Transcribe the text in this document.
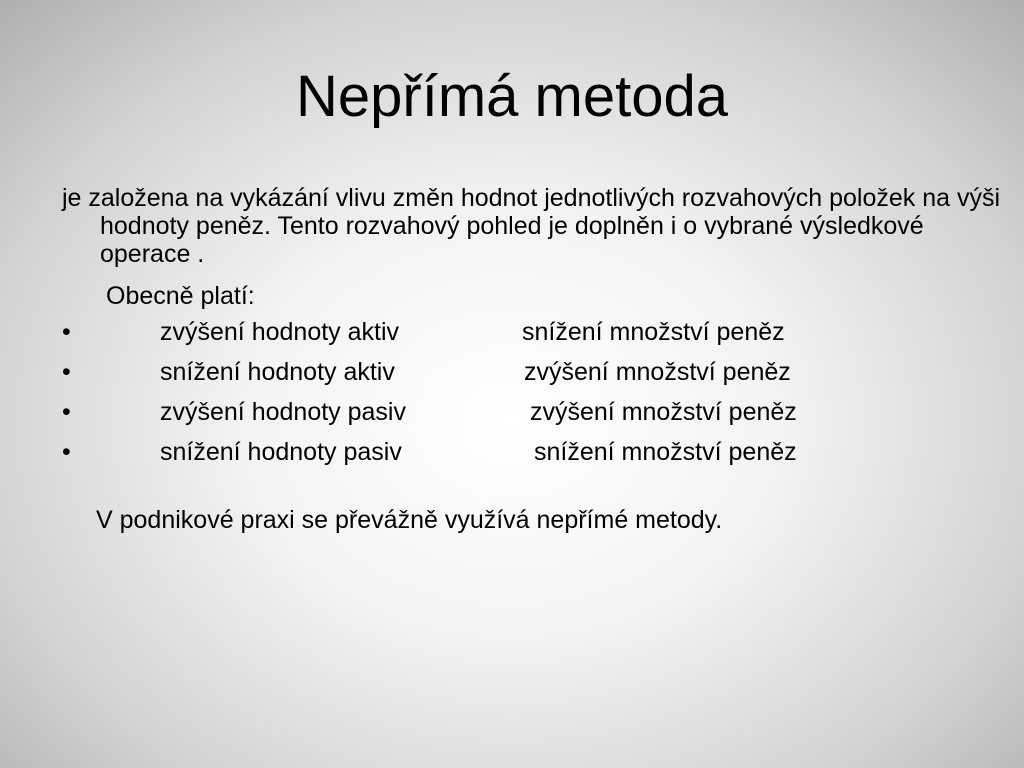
Nepřímá metoda

je založena na vykázání vlivu změn hodnot jednotlivých rozvahových položek na výši hodnoty peněz. Tento rozvahový pohled je doplněn i o vybrané výsledkové operace .

Obecně platí:

•	zvýšení hodnoty aktiv	snížení množství peněz
•	snížení hodnoty aktiv	zvýšení množství peněz
•	zvýšení hodnoty pasiv	zvýšení množství peněz
•	snížení hodnoty pasiv	snížení množství peněz

V podnikové praxi se převážně využívá nepřímé metody.
